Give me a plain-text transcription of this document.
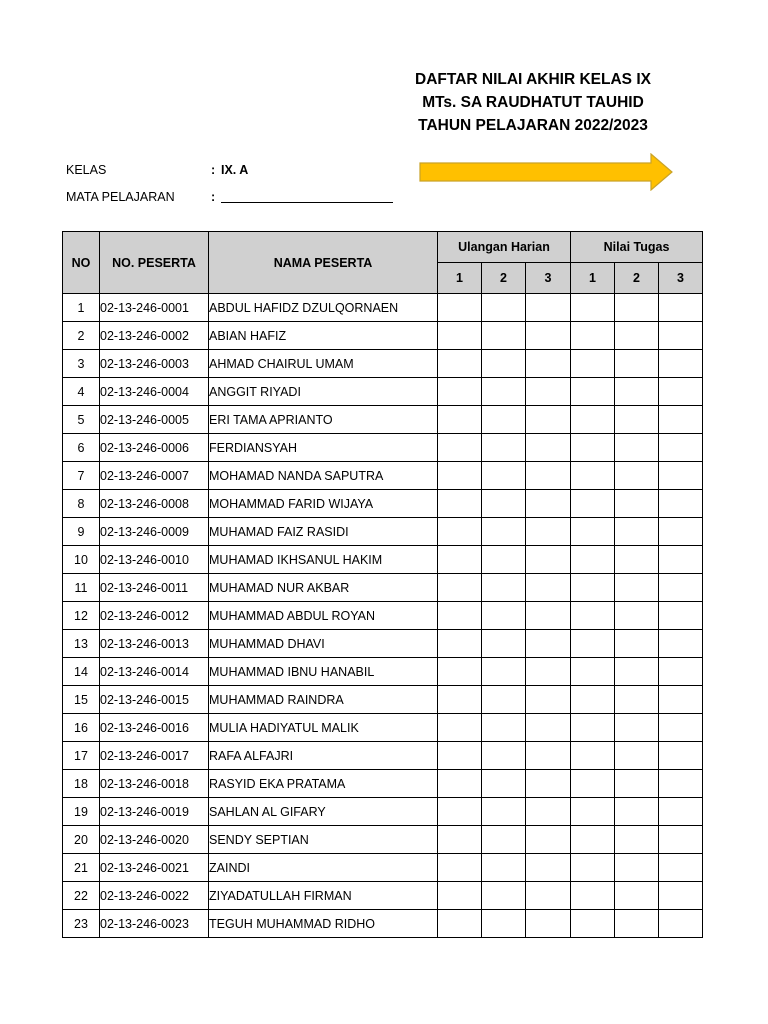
DAFTAR NILAI AKHIR KELAS IX
MTs. SA RAUDHATUT TAUHID
TAHUN PELAJARAN 2022/2023
KELAS	: IX. A
MATA PELAJARAN	:
NO	NO. PESERTA	NAMA PESERTA	Ulangan Harian			Nilai Tugas		
			1	2	3	1	2	3
1	02-13-246-0001	ABDUL HAFIDZ DZULQORNAEN						
2	02-13-246-0002	ABIAN HAFIZ						
3	02-13-246-0003	AHMAD CHAIRUL UMAM						
4	02-13-246-0004	ANGGIT RIYADI						
5	02-13-246-0005	ERI TAMA APRIANTO						
6	02-13-246-0006	FERDIANSYAH						
7	02-13-246-0007	MOHAMAD NANDA SAPUTRA						
8	02-13-246-0008	MOHAMMAD FARID WIJAYA						
9	02-13-246-0009	MUHAMAD FAIZ RASIDI						
10	02-13-246-0010	MUHAMAD IKHSANUL HAKIM						
11	02-13-246-0011	MUHAMAD NUR AKBAR						
12	02-13-246-0012	MUHAMMAD ABDUL ROYAN						
13	02-13-246-0013	MUHAMMAD DHAVI						
14	02-13-246-0014	MUHAMMAD IBNU HANABIL						
15	02-13-246-0015	MUHAMMAD RAINDRA						
16	02-13-246-0016	MULIA HADIYATUL MALIK						
17	02-13-246-0017	RAFA ALFAJRI						
18	02-13-246-0018	RASYID EKA PRATAMA						
19	02-13-246-0019	SAHLAN AL GIFARY						
20	02-13-246-0020	SENDY SEPTIAN						
21	02-13-246-0021	ZAINDI						
22	02-13-246-0022	ZIYADATULLAH FIRMAN						
23	02-13-246-0023	TEGUH MUHAMMAD RIDHO						
